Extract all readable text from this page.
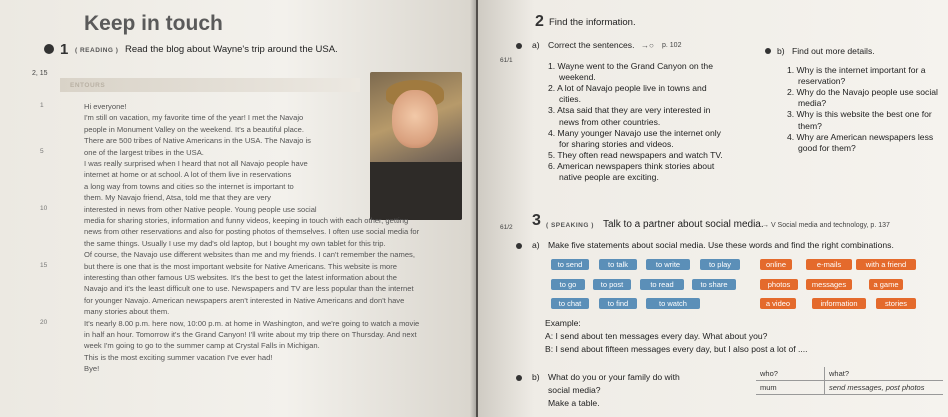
Keep in touch
1 ( READING ) Read the blog about Wayne's trip around the USA.
2, 15
ENTOURS
1	Hi everyone!
I'm still on vacation, my favorite time of the year! I met the Navajo
people in Monument Valley on the weekend. It's a beautiful place.
There are 500 tribes of Native Americans in the USA. The Navajo is
5	one of the largest tribes in the USA.
I was really surprised when I heard that not all Navajo people have
internet at home or at school. A lot of them live in reservations
a long way from towns and cities so the internet is important to
them. My Navajo friend, Atsa, told me that they are very
10	interested in news from other Native people. Young people use social
media for sharing stories, information and funny videos, keeping in touch with each other, getting
news from other reservations and also for posting photos of themselves. I often use social media for
the same things. Usually I use my dad's old laptop, but I bought my own tablet for this trip.
Of course, the Navajo use different websites than me and my friends. I can't remember the names,
15	but there is one that is the most important website for Native Americans. This website is more
interesting than other famous US websites. It's the best to get the latest information about the
Navajo and it's the least difficult one to use. Newspapers and TV are less popular than the internet
for younger Navajo. American newspapers aren't interested in Native Americans and don't have
many stories about them.
20	It's nearly 8.00 p.m. here now, 10:00 p.m. at home in Washington, and we're going to watch a movie
in half an hour. Tomorrow it's the Grand Canyon! I'll write about my trip there on Thursday. And next
week I'm going to go to the summer camp at Crystal Falls in Michigan.
This is the most exciting summer vacation I've ever had!
Bye!
2 Find the information.
a) Correct the sentences. →○ p. 102
61/1
1. Wayne went to the Grand Canyon on the
weekend.
2. A lot of Navajo people live in towns and
cities.
3. Atsa said that they are very interested in
news from other countries.
4. Many younger Navajo use the internet only
for sharing stories and videos.
5. They often read newspapers and watch TV.
6. American newspapers think stories about
native people are exciting.
b) Find out more details.
1. Why is the internet important for a
reservation?
2. Why do the Navajo people use social
media?
3. Why is this website the best one for
them?
4. Why are American newspapers less
good for them?
61/2 3 ( SPEAKING ) Talk to a partner about social media.
→ V Social media and technology, p. 137
a) Make five statements about social media. Use these words and find the right combinations.
to send	to talk	to write	to play
to go	to post	to read	to share
to chat	to find	to watch
online	e-mails	with a friend
photos	messages	a game
a video	information	stories
Example:
A: I send about ten messages every day. What about you?
B: I send about fifteen messages every day, but I also post a lot of ....
b) What do you or your family do with
social media?
Make a table.
who?	what?
mum	send messages, post photos
